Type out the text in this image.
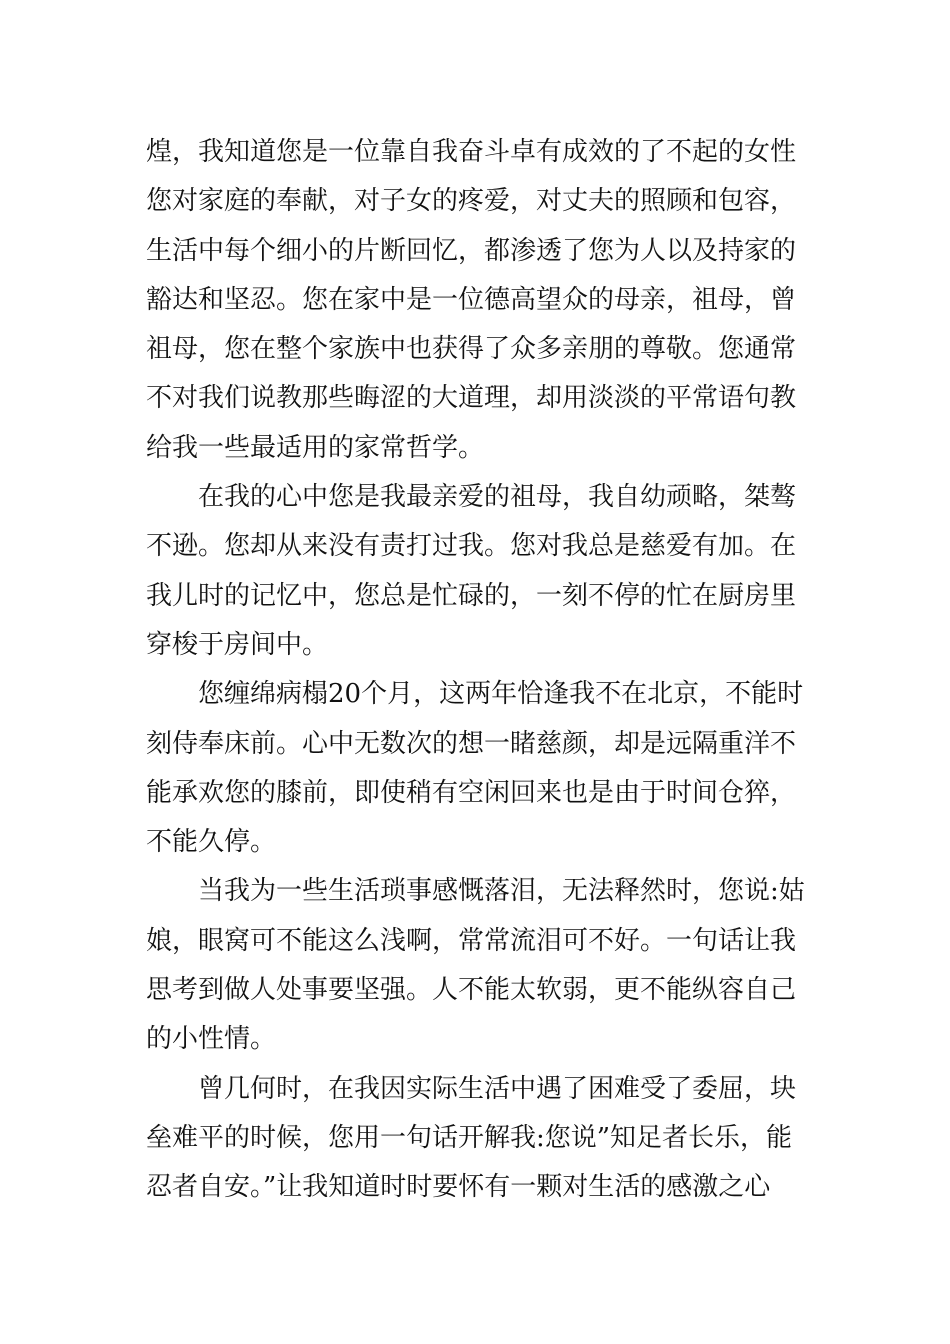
煌，我知道您是一位靠自我奋斗卓有成效的了不起的女性
您对家庭的奉献，对子女的疼爱，对丈夫的照顾和包容，
生活中每个细小的片断回忆，都渗透了您为人以及持家的
豁达和坚忍。您在家中是一位德高望众的母亲，祖母，曾
祖母，您在整个家族中也获得了众多亲朋的尊敬。您通常
不对我们说教那些晦涩的大道理，却用淡淡的平常语句教
给我一些最适用的家常哲学。
在我的心中您是我最亲爱的祖母，我自幼顽略，桀骜
不逊。您却从来没有责打过我。您对我总是慈爱有加。在
我儿时的记忆中，您总是忙碌的，一刻不停的忙在厨房里
穿梭于房间中。
您缠绵病榻20个月，这两年恰逢我不在北京，不能时
刻侍奉床前。心中无数次的想一睹慈颜，却是远隔重洋不
能承欢您的膝前，即使稍有空闲回来也是由于时间仓猝，
不能久停。
当我为一些生活琐事感慨落泪，无法释然时，您说:姑
娘，眼窝可不能这么浅啊，常常流泪可不好。一句话让我
思考到做人处事要坚强。人不能太软弱，更不能纵容自己
的小性情。
曾几何时，在我因实际生活中遇了困难受了委屈，块
垒难平的时候，您用一句话开解我:您说”知足者长乐，能
忍者自安。”让我知道时时要怀有一颗对生活的感激之心
